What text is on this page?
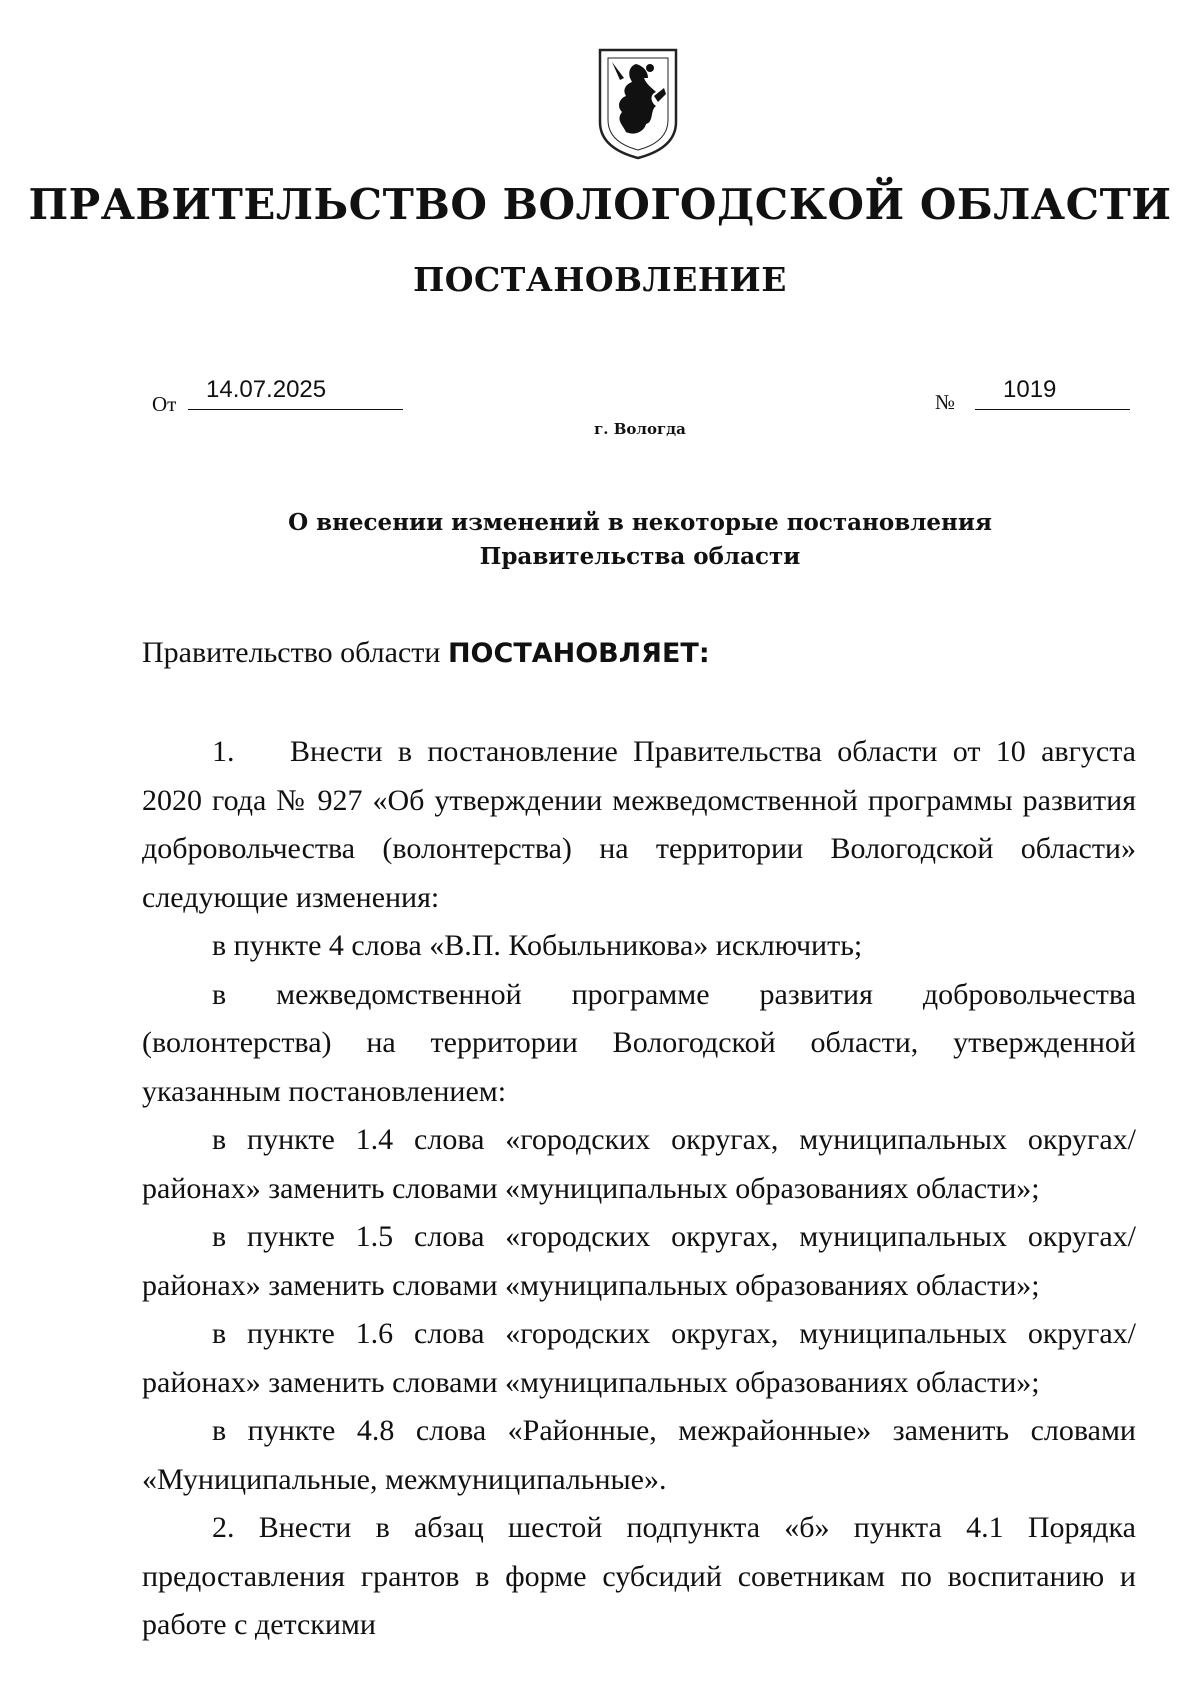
ПРАВИТЕЛЬСТВО ВОЛОГОДСКОЙ ОБЛАСТИ
ПОСТАНОВЛЕНИЕ
От
14.07.2025	№	1019
г. Вологда
О внесении изменений в некоторые постановления
Правительства области
Правительство области ПОСТАНОВЛЯЕТ:

1. Внести в постановление Правительства области от 10 августа 2020 года № 927 «Об утверждении межведомственной программы развития добровольчества (волонтерства) на территории Вологодской области» следующие изменения:

в пункте 4 слова «В.П. Кобыльникова» исключить;

в межведомственной программе развития добровольчества (волонтерства) на территории Вологодской области, утвержденной указанным постановлением:

в пункте 1.4 слова «городских округах, муниципальных округах/районах» заменить словами «муниципальных образованиях области»;

в пункте 1.5 слова «городских округах, муниципальных округах/районах» заменить словами «муниципальных образованиях области»;

в пункте 1.6 слова «городских округах, муниципальных округах/районах» заменить словами «муниципальных образованиях области»;

в пункте 4.8 слова «Районные, межрайонные» заменить словами «Муниципальные, межмуниципальные».

2. Внести в абзац шестой подпункта «б» пункта 4.1 Порядка предоставления грантов в форме субсидий советникам по воспитанию и работе с детскими
